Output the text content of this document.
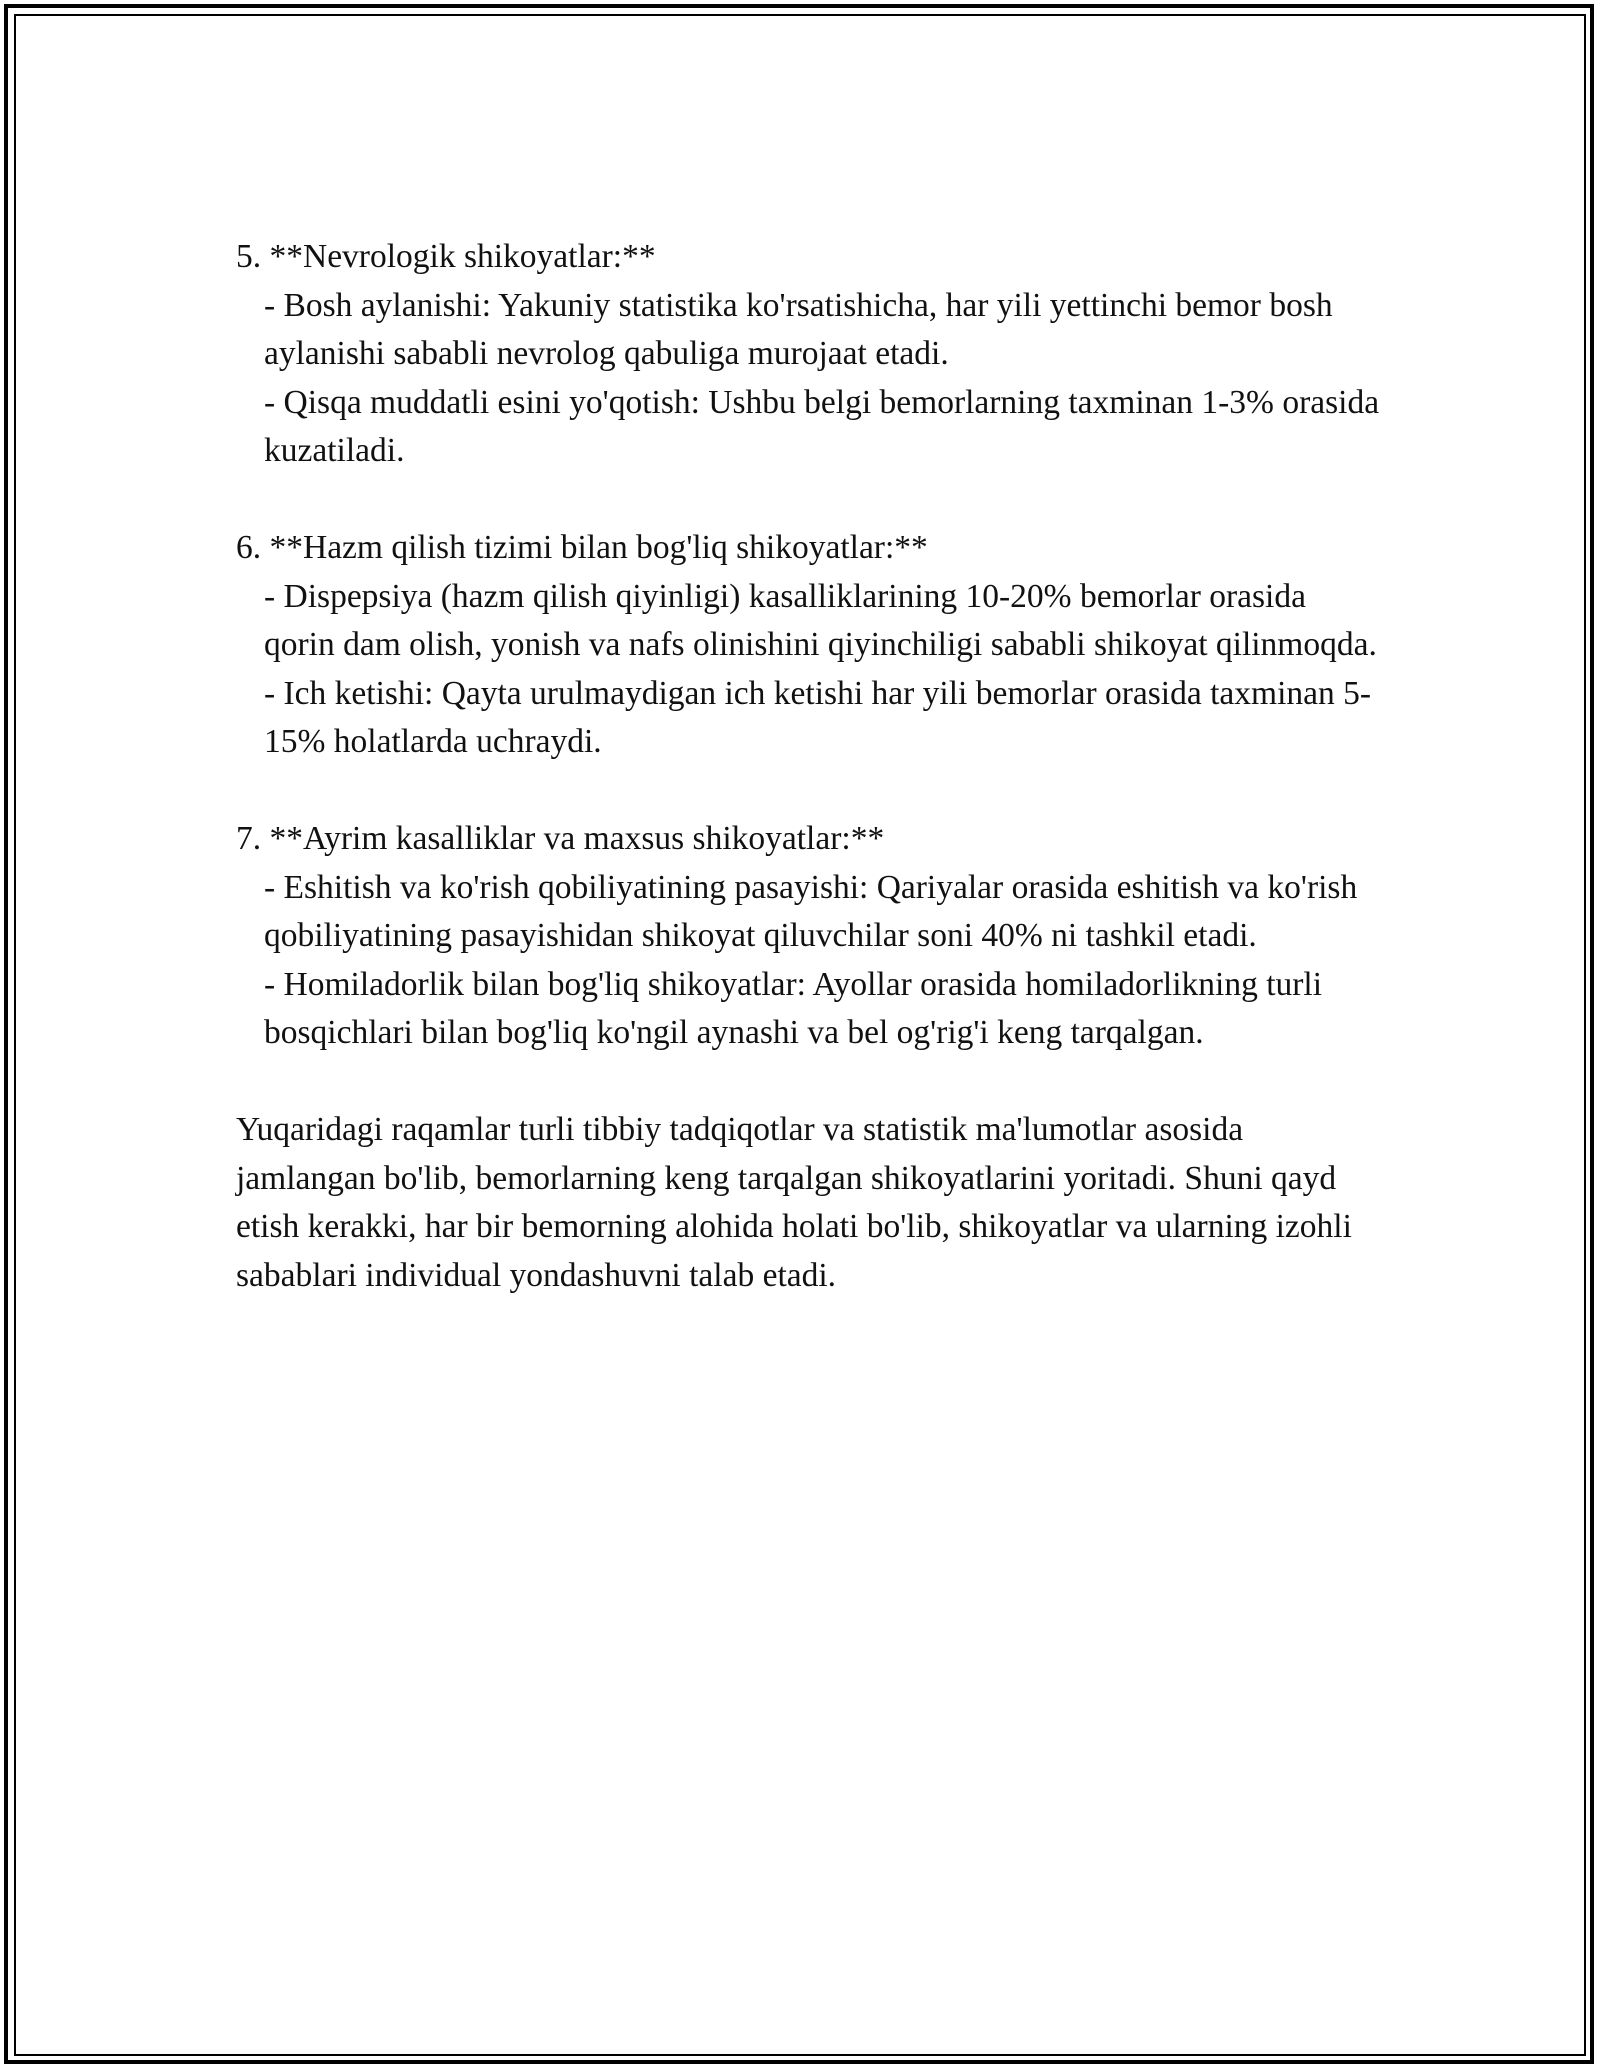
5. **Nevrologik shikoyatlar:**

- Bosh aylanishi: Yakuniy statistika ko'rsatishicha, har yili yettinchi bemor bosh aylanishi sababli nevrolog qabuliga murojaat etadi.

- Qisqa muddatli esini yo'qotish: Ushbu belgi bemorlarning taxminan 1-3% orasida kuzatiladi.

6. **Hazm qilish tizimi bilan bog'liq shikoyatlar:**

- Dispepsiya (hazm qilish qiyinligi) kasalliklarining 10-20% bemorlar orasida qorin dam olish, yonish va nafs olinishini qiyinchiligi sababli shikoyat qilinmoqda.

- Ich ketishi: Qayta urulmaydigan ich ketishi har yili bemorlar orasida taxminan 5-15% holatlarda uchraydi.

7. **Ayrim kasalliklar va maxsus shikoyatlar:**

- Eshitish va ko'rish qobiliyatining pasayishi: Qariyalar orasida eshitish va ko'rish qobiliyatining pasayishidan shikoyat qiluvchilar soni 40% ni tashkil etadi.

- Homiladorlik bilan bog'liq shikoyatlar: Ayollar orasida homiladorlikning turli bosqichlari bilan bog'liq ko'ngil aynashi va bel og'rig'i keng tarqalgan.

Yuqaridagi raqamlar turli tibbiy tadqiqotlar va statistik ma'lumotlar asosida jamlangan bo'lib, bemorlarning keng tarqalgan shikoyatlarini yoritadi. Shuni qayd etish kerakki, har bir bemorning alohida holati bo'lib, shikoyatlar va ularning izohli sabablari individual yondashuvni talab etadi.
